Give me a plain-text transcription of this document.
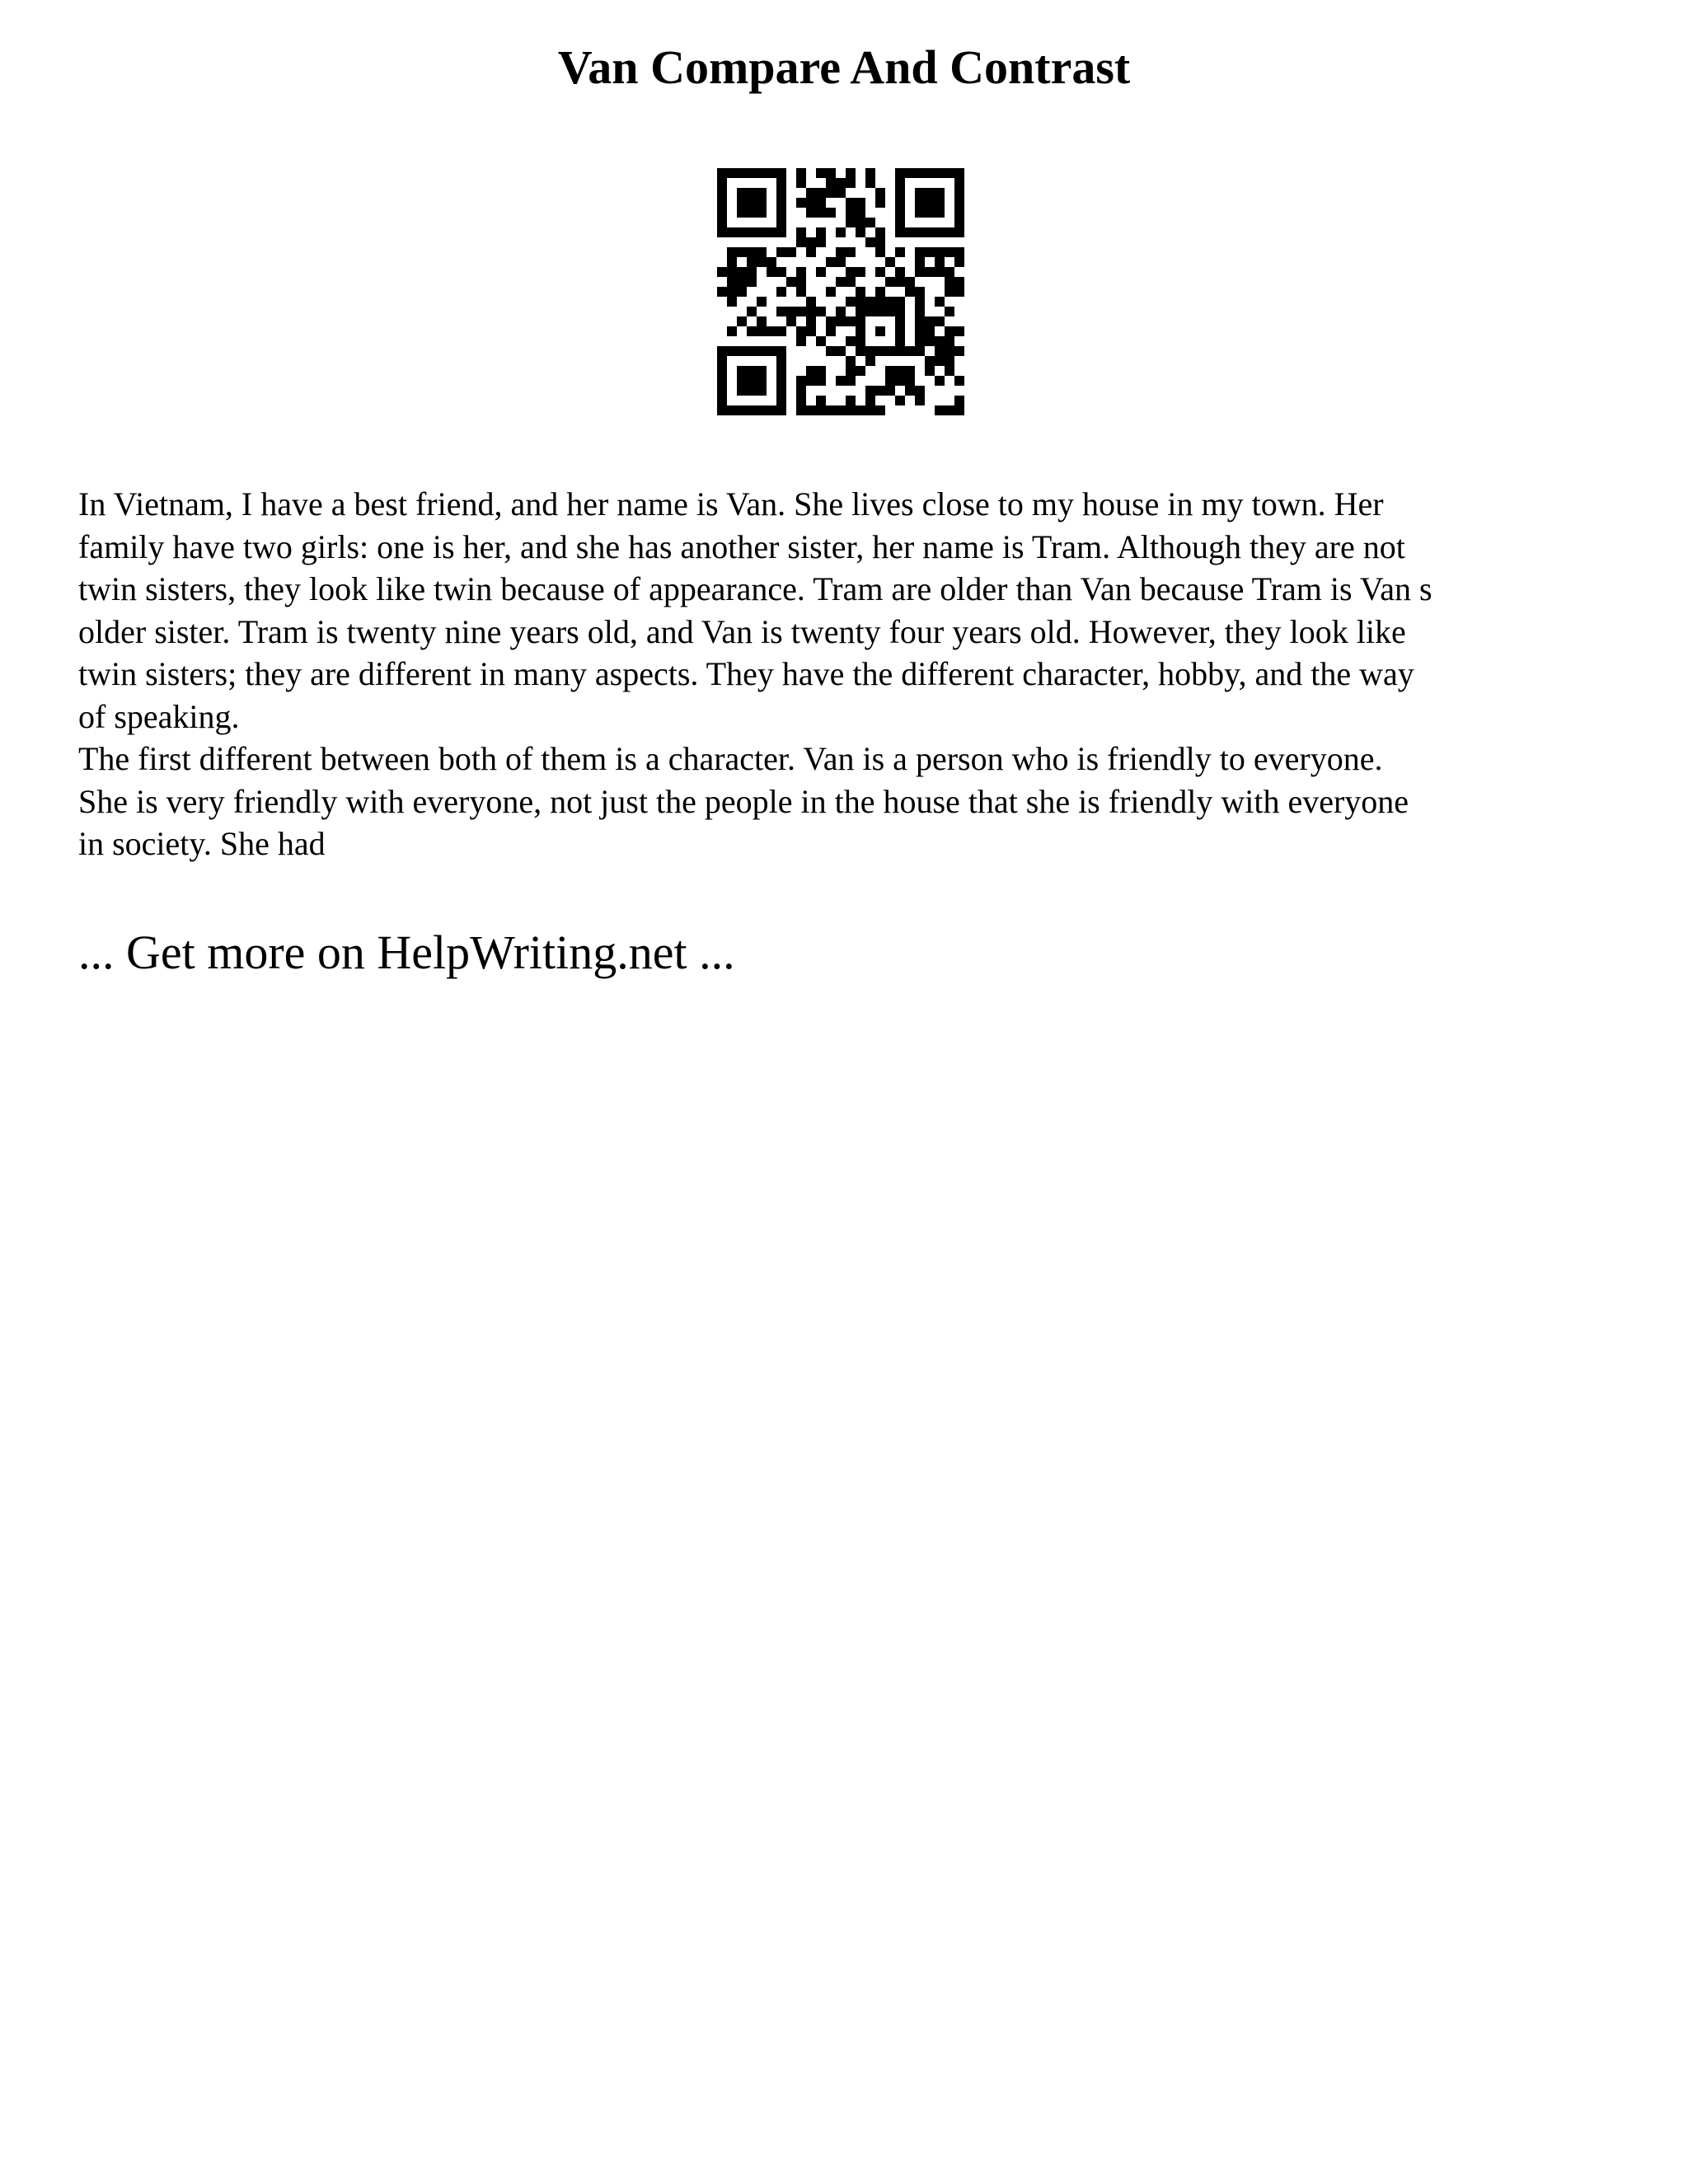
Van Compare And Contrast

In Vietnam, I have a best friend, and her name is Van. She lives close to my house in my town. Her
family have two girls: one is her, and she has another sister, her name is Tram. Although they are not
twin sisters, they look like twin because of appearance. Tram are older than Van because Tram is Van s
older sister. Tram is twenty nine years old, and Van is twenty four years old. However, they look like
twin sisters; they are different in many aspects. They have the different character, hobby, and the way
of speaking.
The first different between both of them is a character. Van is a person who is friendly to everyone.
She is very friendly with everyone, not just the people in the house that she is friendly with everyone
in society. She had

... Get more on HelpWriting.net ...
